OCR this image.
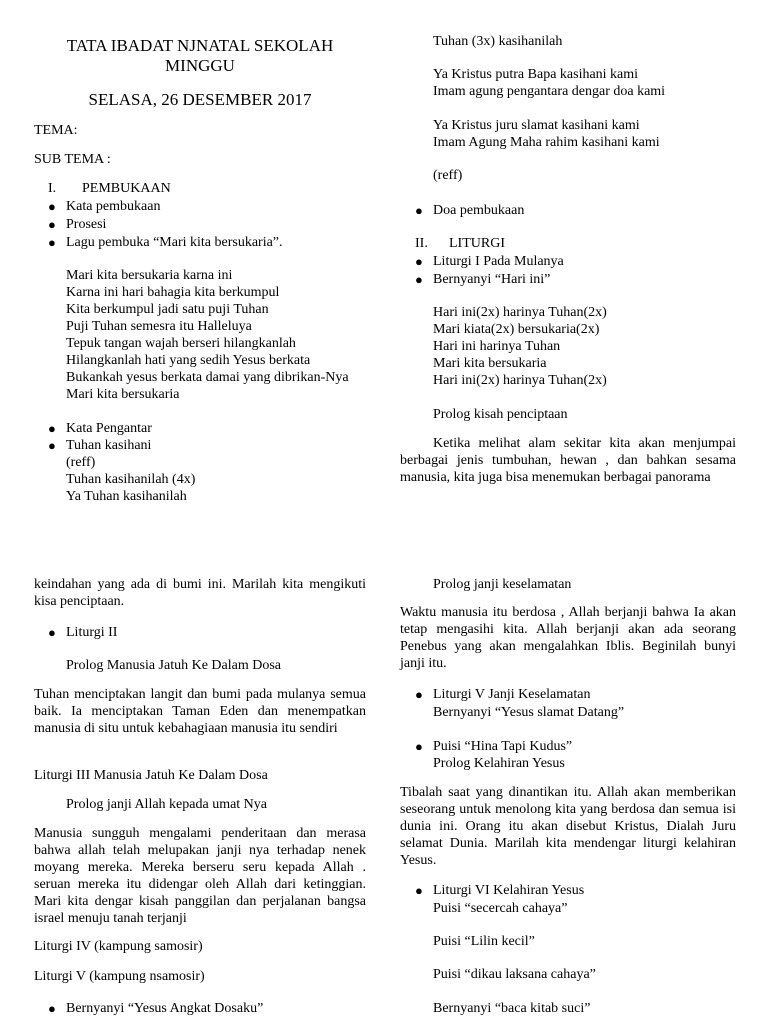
TATA IBADAT NJNATAL SEKOLAH
MINGGU
SELASA, 26 DESEMBER 2017
TEMA:
SUB TEMA :
I. PEMBUKAAN
● Kata pembukaan
● Prosesi
● Lagu pembuka “Mari kita bersukaria”.
Mari kita bersukaria karna ini
Karna ini hari bahagia kita berkumpul
Kita berkumpul jadi satu puji Tuhan
Puji Tuhan semesra itu Halleluya
Tepuk tangan wajah berseri hilangkanlah
Hilangkanlah hati yang sedih Yesus berkata
Bukankah yesus berkata damai yang dibrikan-Nya
Mari kita bersukaria
● Kata Pengantar
● Tuhan kasihani
(reff)
Tuhan kasihanilah (4x)
Ya Tuhan kasihanilah
Tuhan (3x) kasihanilah
Ya Kristus putra Bapa kasihani kami
Imam agung pengantara dengar doa kami
Ya Kristus juru slamat kasihani kami
Imam Agung Maha rahim kasihani kami
(reff)
● Doa pembukaan
II. LITURGI
● Liturgi I Pada Mulanya
● Bernyanyi “Hari ini”
Hari ini(2x) harinya Tuhan(2x)
Mari kiata(2x) bersukaria(2x)
Hari ini harinya Tuhan
Mari kita bersukaria
Hari ini(2x) harinya Tuhan(2x)
Prolog kisah penciptaan
Ketika melihat alam sekitar kita akan menjumpai berbagai jenis tumbuhan, hewan , dan bahkan sesama manusia, kita juga bisa menemukan berbagai panorama
keindahan yang ada di bumi ini. Marilah kita mengikuti kisa penciptaan.
● Liturgi II
Prolog Manusia Jatuh Ke Dalam Dosa
Tuhan menciptakan langit dan bumi pada mulanya semua baik. Ia menciptakan Taman Eden dan menempatkan manusia di situ untuk kebahagiaan manusia itu sendiri
Liturgi III Manusia Jatuh Ke Dalam Dosa
Prolog janji Allah kepada umat Nya
Manusia sungguh mengalami penderitaan dan merasa bahwa allah telah melupakan janji nya terhadap nenek moyang mereka. Mereka berseru seru kepada Allah . seruan mereka itu didengar oleh Allah dari ketinggian. Mari kita dengar kisah panggilan dan perjalanan bangsa israel menuju tanah terjanji
Liturgi IV (kampung samosir)
Liturgi V (kampung nsamosir)
● Bernyanyi “Yesus Angkat Dosaku”
Prolog janji keselamatan
Waktu manusia itu berdosa , Allah berjanji bahwa Ia akan tetap mengasihi kita. Allah berjanji akan ada seorang Penebus yang akan mengalahkan Iblis. Beginilah bunyi janji itu.
● Liturgi V Janji Keselamatan
Bernyanyi “Yesus slamat Datang”
● Puisi “Hina Tapi Kudus”
Prolog Kelahiran Yesus
Tibalah saat yang dinantikan itu. Allah akan memberikan seseorang untuk menolong kita yang berdosa dan semua isi dunia ini. Orang itu akan disebut Kristus, Dialah Juru selamat Dunia. Marilah kita mendengar liturgi kelahiran Yesus.
● Liturgi VI Kelahiran Yesus
Puisi “secercah cahaya”
Puisi “Lilin kecil”
Puisi “dikau laksana cahaya”
Bernyanyi “baca kitab suci”
